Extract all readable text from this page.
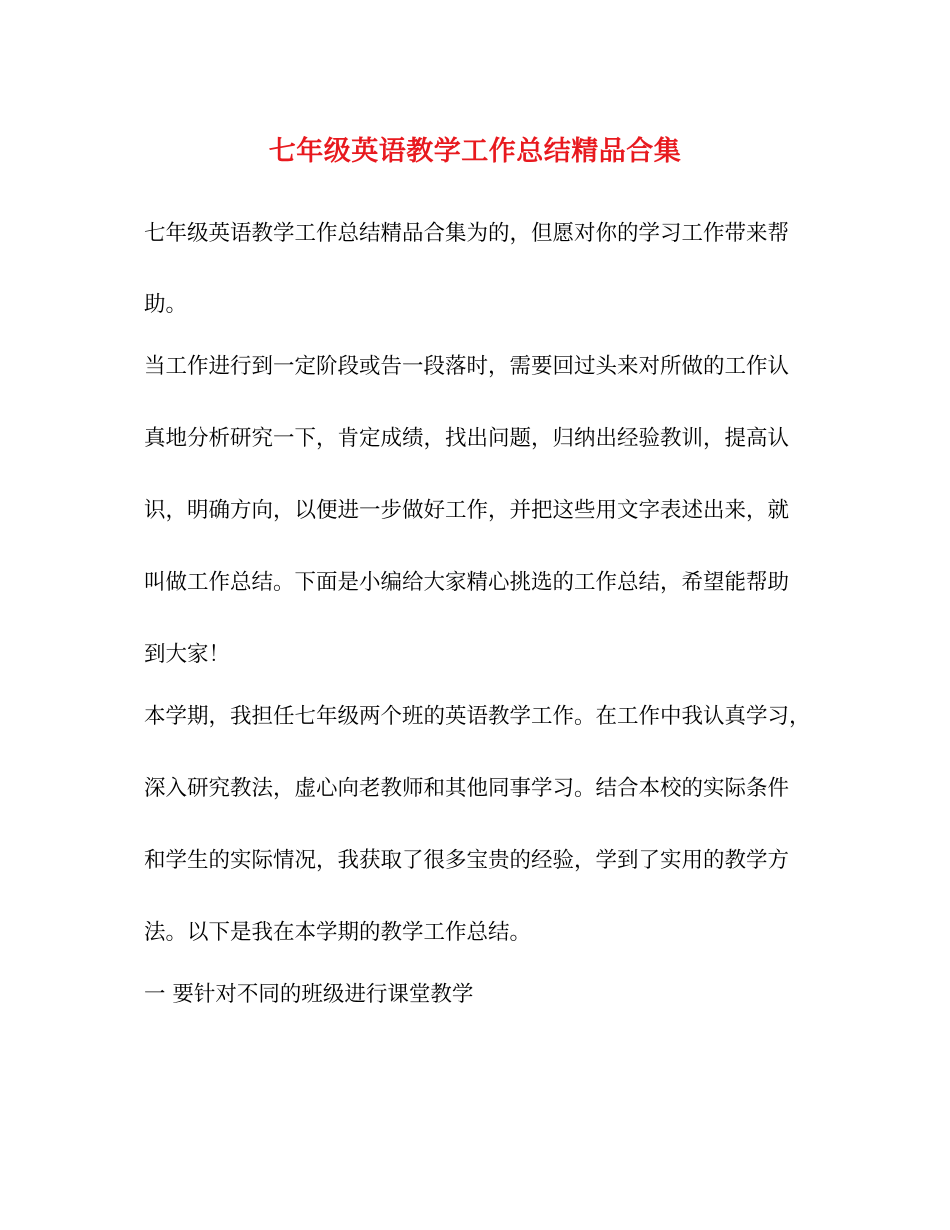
七年级英语教学工作总结精品合集

七年级英语教学工作总结精品合集为的，但愿对你的学习工作带来帮

助。

当工作进行到一定阶段或告一段落时，需要回过头来对所做的工作认

真地分析研究一下，肯定成绩，找出问题，归纳出经验教训，提高认

识，明确方向，以便进一步做好工作，并把这些用文字表述出来，就

叫做工作总结。下面是小编给大家精心挑选的工作总结，希望能帮助

到大家！

本学期，我担任七年级两个班的英语教学工作。在工作中我认真学习，

深入研究教法，虚心向老教师和其他同事学习。结合本校的实际条件

和学生的实际情况，我获取了很多宝贵的经验，学到了实用的教学方

法。以下是我在本学期的教学工作总结。

一 要针对不同的班级进行课堂教学
